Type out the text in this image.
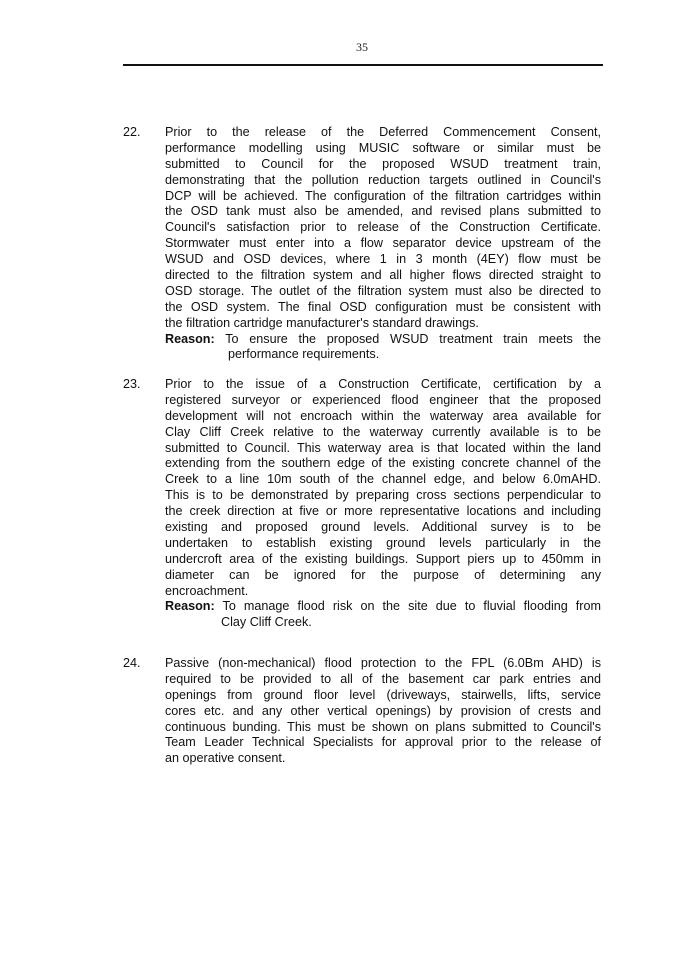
35
22.	Prior to the release of the Deferred Commencement Consent,
performance modelling using MUSIC software or similar must be
submitted to Council for the proposed WSUD treatment train,
demonstrating that the pollution reduction targets outlined in Council's
DCP will be achieved. The configuration of the filtration cartridges within
the OSD tank must also be amended, and revised plans submitted to
Council's satisfaction prior to release of the Construction Certificate.
Stormwater must enter into a flow separator device upstream of the
WSUD and OSD devices, where 1 in 3 month (4EY) flow must be
directed to the filtration system and all higher flows directed straight to
OSD storage. The outlet of the filtration system must also be directed to
the OSD system. The final OSD configuration must be consistent with
the filtration cartridge manufacturer's standard drawings.
Reason: To ensure the proposed WSUD treatment train meets the
performance requirements.
23.	Prior to the issue of a Construction Certificate, certification by a
registered surveyor or experienced flood engineer that the proposed
development will not encroach within the waterway area available for
Clay Cliff Creek relative to the waterway currently available is to be
submitted to Council. This waterway area is that located within the land
extending from the southern edge of the existing concrete channel of the
Creek to a line 10m south of the channel edge, and below 6.0mAHD.
This is to be demonstrated by preparing cross sections perpendicular to
the creek direction at five or more representative locations and including
existing and proposed ground levels. Additional survey is to be
undertaken to establish existing ground levels particularly in the
undercroft area of the existing buildings. Support piers up to 450mm in
diameter can be ignored for the purpose of determining any
encroachment.
Reason: To manage flood risk on the site due to fluvial flooding from
Clay Cliff Creek.
24.	Passive (non-mechanical) flood protection to the FPL (6.0Bm AHD) is
required to be provided to all of the basement car park entries and
openings from ground floor level (driveways, stairwells, lifts, service
cores etc. and any other vertical openings) by provision of crests and
continuous bunding. This must be shown on plans submitted to Council's
Team Leader Technical Specialists for approval prior to the release of
an operative consent.
